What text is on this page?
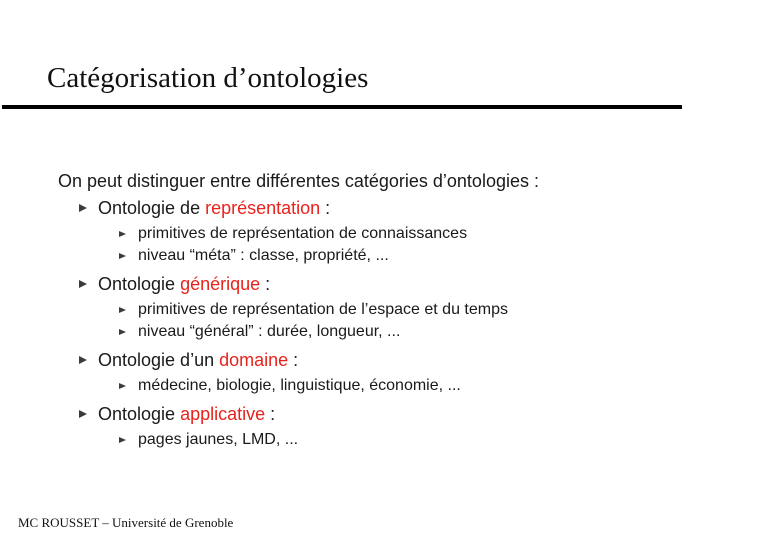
Catégorisation d’ontologies
On peut distinguer entre différentes catégories d’ontologies :
Ontologie de représentation :
primitives de représentation de connaissances
niveau “méta” : classe, propriété, ...
Ontologie générique :
primitives de représentation de l’espace et du temps
niveau “général” : durée, longueur, ...
Ontologie d’un domaine :
médecine, biologie, linguistique, économie, ...
Ontologie applicative :
pages jaunes, LMD, ...
MC ROUSSET – Université de Grenoble
